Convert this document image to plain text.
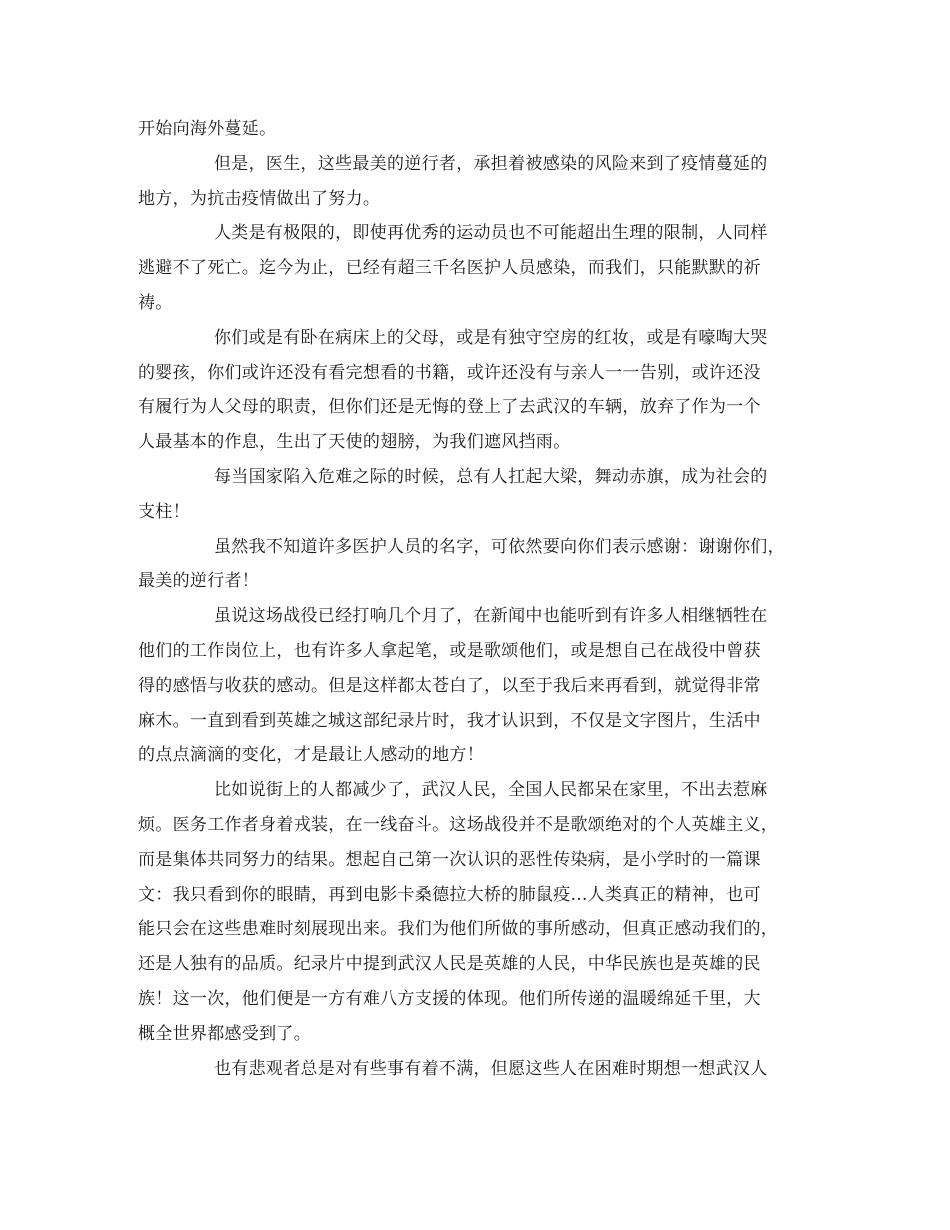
开始向海外蔓延。
但是，医生，这些最美的逆行者，承担着被感染的风险来到了疫情蔓延的
地方，为抗击疫情做出了努力。
人类是有极限的，即使再优秀的运动员也不可能超出生理的限制，人同样
逃避不了死亡。迄今为止，已经有超三千名医护人员感染，而我们，只能默默的祈
祷。
你们或是有卧在病床上的父母，或是有独守空房的红妆，或是有嚎啕大哭
的婴孩，你们或许还没有看完想看的书籍，或许还没有与亲人一一告别，或许还没
有履行为人父母的职责，但你们还是无悔的登上了去武汉的车辆，放弃了作为一个
人最基本的作息，生出了天使的翅膀，为我们遮风挡雨。
每当国家陷入危难之际的时候，总有人扛起大梁，舞动赤旗，成为社会的
支柱！
虽然我不知道许多医护人员的名字，可依然要向你们表示感谢：谢谢你们，
最美的逆行者！
虽说这场战役已经打响几个月了，在新闻中也能听到有许多人相继牺牲在
他们的工作岗位上，也有许多人拿起笔，或是歌颂他们，或是想自己在战役中曾获
得的感悟与收获的感动。但是这样都太苍白了，以至于我后来再看到，就觉得非常
麻木。一直到看到英雄之城这部纪录片时，我才认识到，不仅是文字图片，生活中
的点点滴滴的变化，才是最让人感动的地方！
比如说街上的人都减少了，武汉人民，全国人民都呆在家里，不出去惹麻
烦。医务工作者身着戎装，在一线奋斗。这场战役并不是歌颂绝对的个人英雄主义，
而是集体共同努力的结果。想起自己第一次认识的恶性传染病，是小学时的一篇课
文：我只看到你的眼睛，再到电影卡桑德拉大桥的肺鼠疫…人类真正的精神，也可
能只会在这些患难时刻展现出来。我们为他们所做的事所感动，但真正感动我们的，
还是人独有的品质。纪录片中提到武汉人民是英雄的人民，中华民族也是英雄的民
族！这一次，他们便是一方有难八方支援的体现。他们所传递的温暖绵延千里，大
概全世界都感受到了。
也有悲观者总是对有些事有着不满，但愿这些人在困难时期想一想武汉人
